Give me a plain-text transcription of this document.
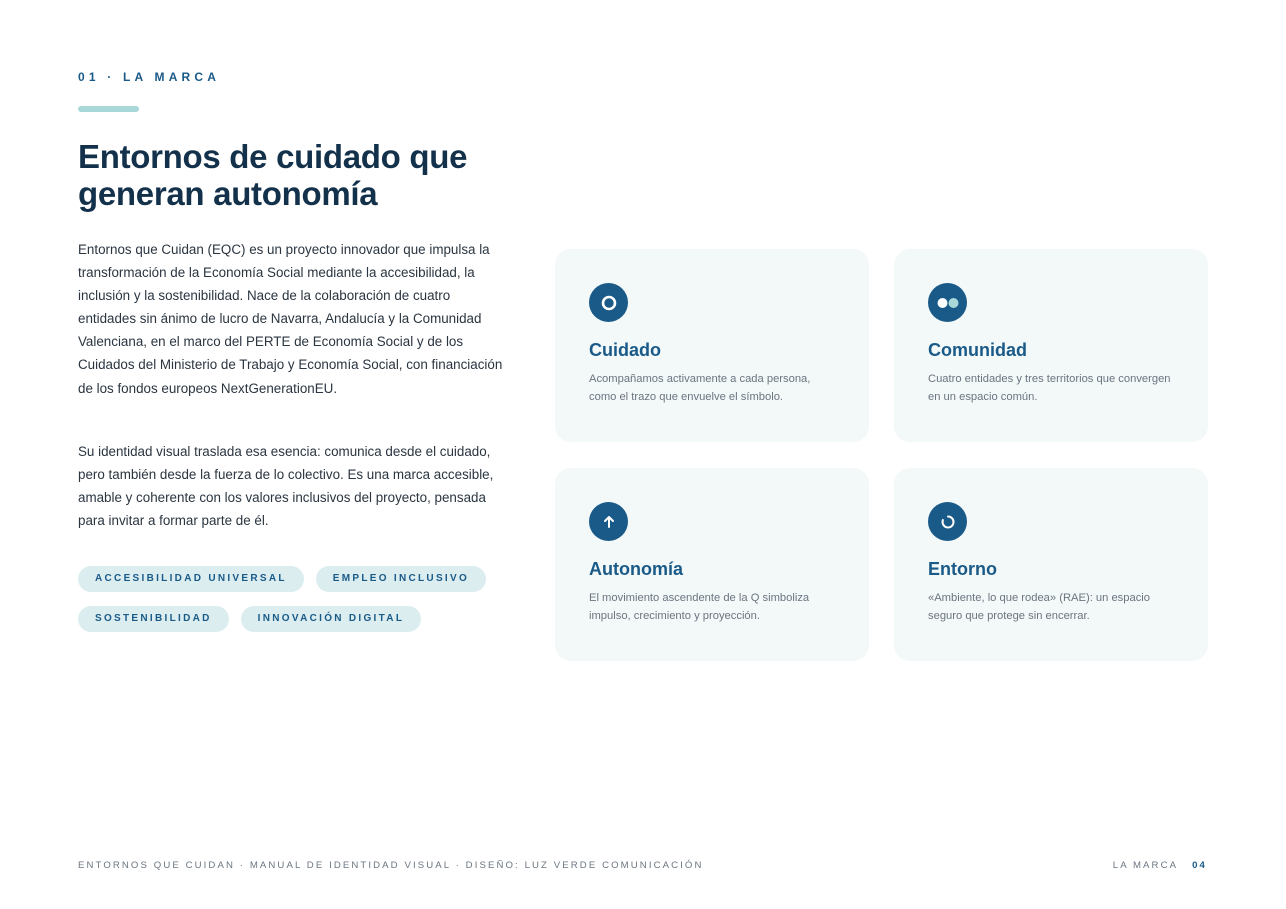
01 · LA MARCA
Entornos de cuidado que generan autonomía

Entornos que Cuidan (EQC) es un proyecto innovador que impulsa la transformación de la Economía Social mediante la accesibilidad, la inclusión y la sostenibilidad. Nace de la colaboración de cuatro entidades sin ánimo de lucro de Navarra, Andalucía y la Comunidad Valenciana, en el marco del PERTE de Economía Social y de los Cuidados del Ministerio de Trabajo y Economía Social, con financiación de los fondos europeos NextGenerationEU.

Su identidad visual traslada esa esencia: comunica desde el cuidado, pero también desde la fuerza de lo colectivo. Es una marca accesible, amable y coherente con los valores inclusivos del proyecto, pensada para invitar a formar parte de él.

ACCESIBILIDAD UNIVERSAL	EMPLEO INCLUSIVO
SOSTENIBILIDAD	INNOVACIÓN DIGITAL
Cuidado
Acompañamos activamente a cada persona, como el trazo que envuelve el símbolo.
Comunidad
Cuatro entidades y tres territorios que convergen en un espacio común.
Autonomía
El movimiento ascendente de la Q simboliza impulso, crecimiento y proyección.
Entorno
«Ambiente, lo que rodea» (RAE): un espacio seguro que protege sin encerrar.
ENTORNOS QUE CUIDAN · MANUAL DE IDENTIDAD VISUAL · DISEÑO: LUZ VERDE COMUNICACIÓN	LA MARCA 04
